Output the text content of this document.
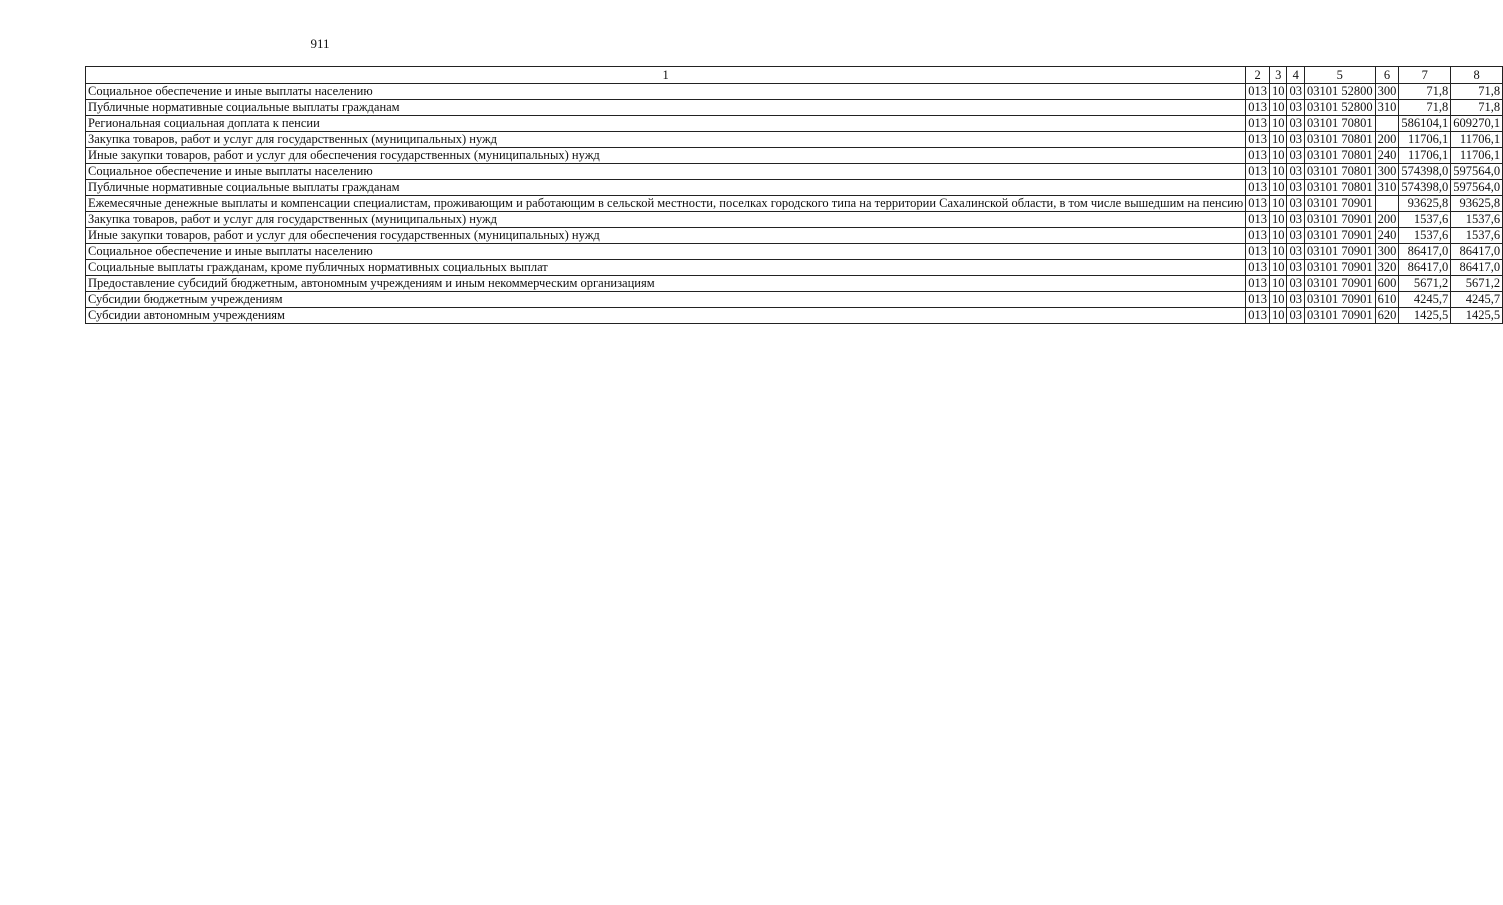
911
1	2	3	4	5	6	7	8
Социальное обеспечение и иные выплаты населению	013	10	03	03101 52800	300	71,8	71,8
Публичные нормативные социальные выплаты гражданам	013	10	03	03101 52800	310	71,8	71,8
Региональная социальная доплата к пенсии	013	10	03	03101 70801		586104,1	609270,1
Закупка товаров, работ и услуг для государственных (муниципальных) нужд	013	10	03	03101 70801	200	11706,1	11706,1
Иные закупки товаров, работ и услуг для обеспечения государственных (муниципальных) нужд	013	10	03	03101 70801	240	11706,1	11706,1
Социальное обеспечение и иные выплаты населению	013	10	03	03101 70801	300	574398,0	597564,0
Публичные нормативные социальные выплаты гражданам	013	10	03	03101 70801	310	574398,0	597564,0
Ежемесячные денежные выплаты и компенсации специалистам, проживающим и работающим в сельской местности, поселках городского типа на территории Сахалинской области, в том числе вышедшим на пенсию	013	10	03	03101 70901		93625,8	93625,8
Закупка товаров, работ и услуг для государственных (муниципальных) нужд	013	10	03	03101 70901	200	1537,6	1537,6
Иные закупки товаров, работ и услуг для обеспечения государственных (муниципальных) нужд	013	10	03	03101 70901	240	1537,6	1537,6
Социальное обеспечение и иные выплаты населению	013	10	03	03101 70901	300	86417,0	86417,0
Социальные выплаты гражданам, кроме публичных нормативных социальных выплат	013	10	03	03101 70901	320	86417,0	86417,0
Предоставление субсидий бюджетным, автономным учреждениям и иным некоммерческим организациям	013	10	03	03101 70901	600	5671,2	5671,2
Субсидии бюджетным учреждениям	013	10	03	03101 70901	610	4245,7	4245,7
Субсидии автономным учреждениям	013	10	03	03101 70901	620	1425,5	1425,5
